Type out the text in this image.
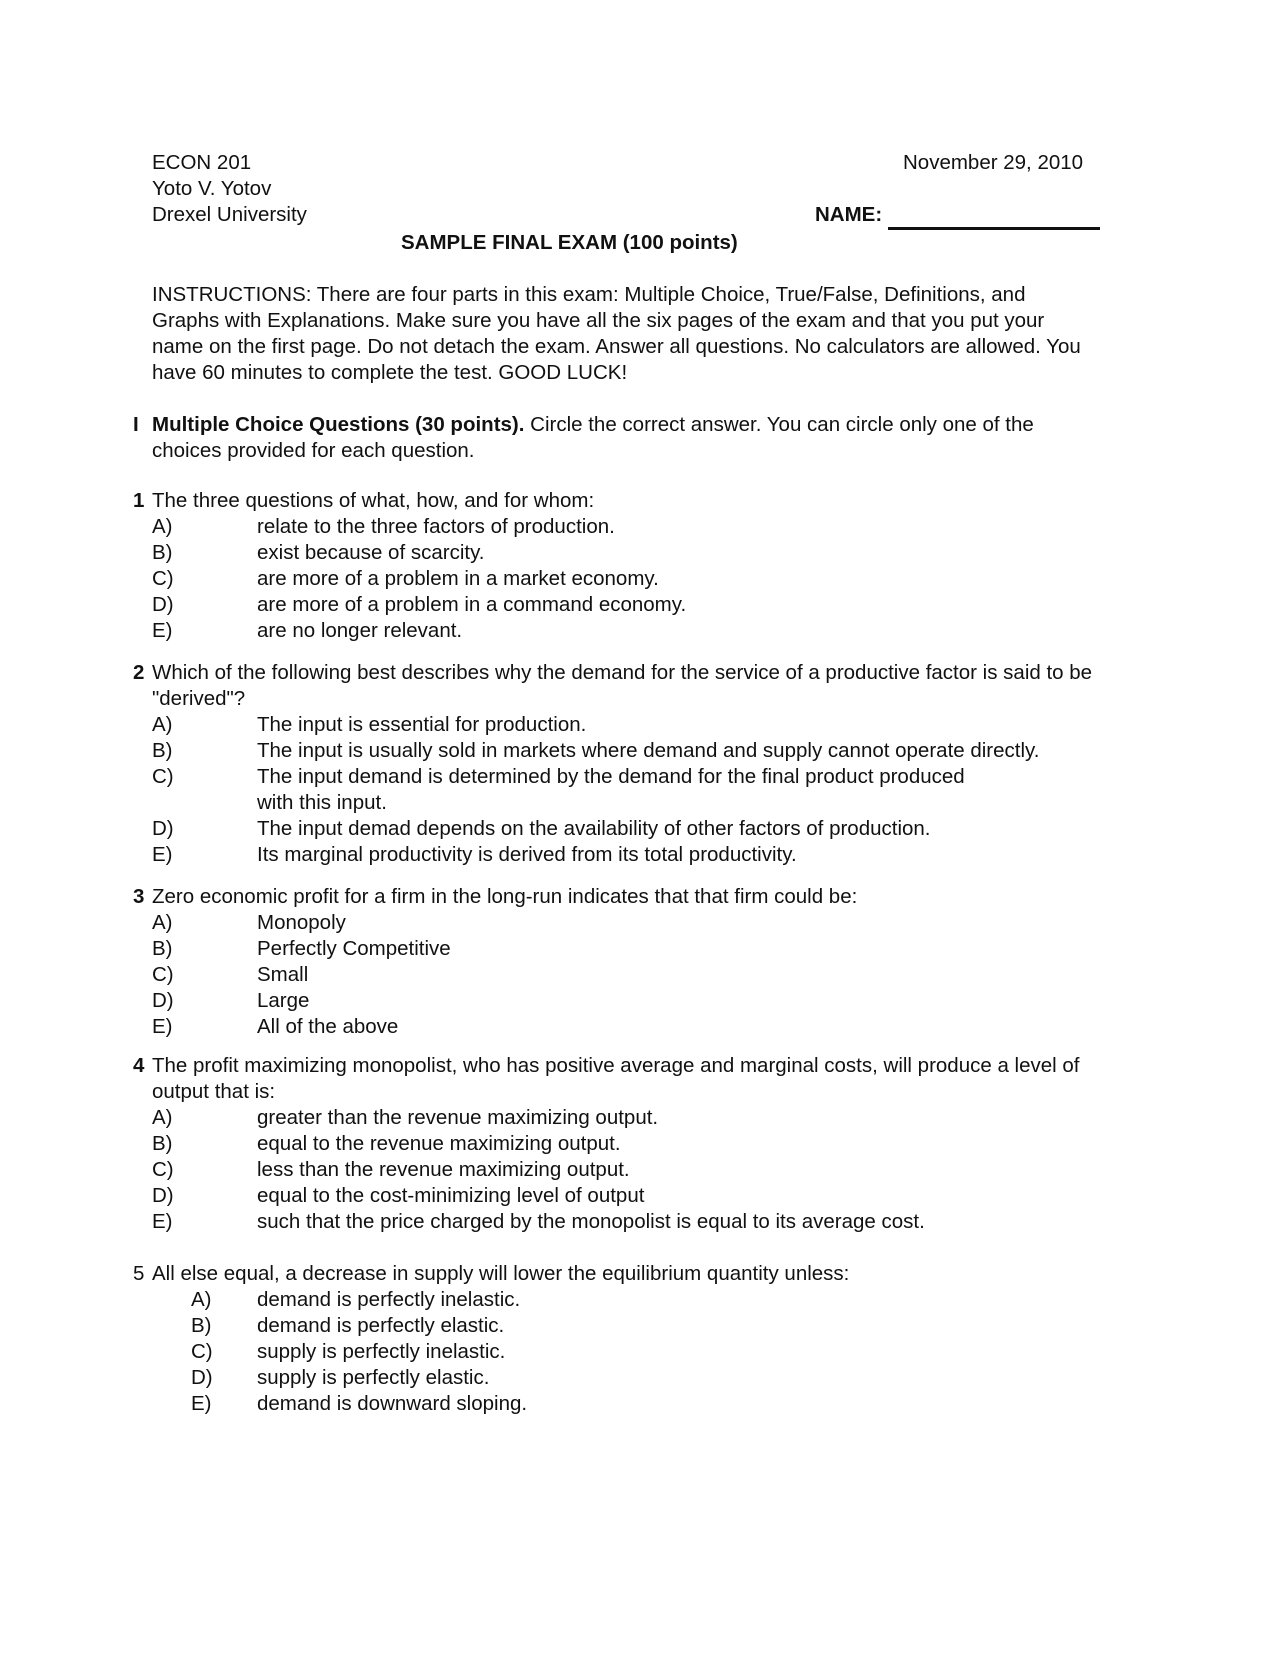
ECON 201
Yoto V. Yotov
Drexel University
November 29, 2010
NAME:
SAMPLE FINAL EXAM (100 points)
INSTRUCTIONS: There are four parts in this exam: Multiple Choice, True/False, Definitions, and Graphs with Explanations. Make sure you have all the six pages of the exam and that you put your name on the first page. Do not detach the exam. Answer all questions. No calculators are allowed. You have 60 minutes to complete the test. GOOD LUCK!
I Multiple Choice Questions (30 points). Circle the correct answer. You can circle only one of the choices provided for each question.
1 The three questions of what, how, and for whom:
A)	relate to the three factors of production.
B)	exist because of scarcity.
C)	are more of a problem in a market economy.
D)	are more of a problem in a command economy.
E)	are no longer relevant.
2 Which of the following best describes why the demand for the service of a productive factor is said to be "derived"?
A)	The input is essential for production.
B)	The input is usually sold in markets where demand and supply cannot operate directly.
C)	The input demand is determined by the demand for the final product produced
with this input.
D)	The input demad depends on the availability of other factors of production.
E)	Its marginal productivity is derived from its total productivity.
3 Zero economic profit for a firm in the long-run indicates that that firm could be:
A)	Monopoly
B)	Perfectly Competitive
C)	Small
D)	Large
E)	All of the above
4 The profit maximizing monopolist, who has positive average and marginal costs, will produce a level of output that is:
A)	greater than the revenue maximizing output.
B)	equal to the revenue maximizing output.
C)	less than the revenue maximizing output.
D)	equal to the cost-minimizing level of output
E)	such that the price charged by the monopolist is equal to its average cost.
5 All else equal, a decrease in supply will lower the equilibrium quantity unless:
A) demand is perfectly inelastic.
B) demand is perfectly elastic.
C) supply is perfectly inelastic.
D) supply is perfectly elastic.
E) demand is downward sloping.
